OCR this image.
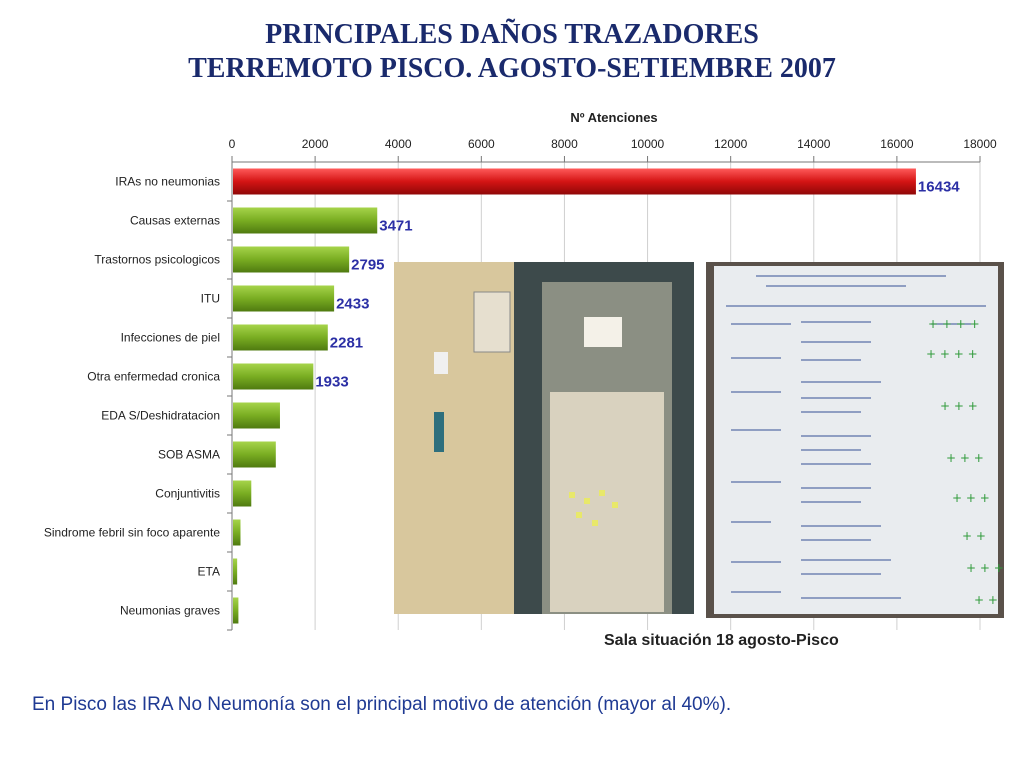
PRINCIPALES DAÑOS TRAZADORES
TERREMOTO PISCO. AGOSTO-SETIEMBRE 2007
Nº Atenciones
0	2000	4000	6000	8000	10000	12000	14000	16000	18000
IRAs no neumonias	16434
Causas externas	3471
Trastornos psicologicos	2795
ITU	2433
Infecciones de piel	2281
Otra enfermedad cronica	1933
EDA S/Deshidratacion
SOB ASMA
Conjuntivitis
Sindrome febril sin foco aparente
ETA
Neumonias graves
+ + + +
+ + + +
+ + +
+ + +
+ + +
+ +
+ + +
+ +
Sala situación 18 agosto-Pisco
En Pisco las IRA No Neumonía son el principal motivo de atención (mayor al 40%).
